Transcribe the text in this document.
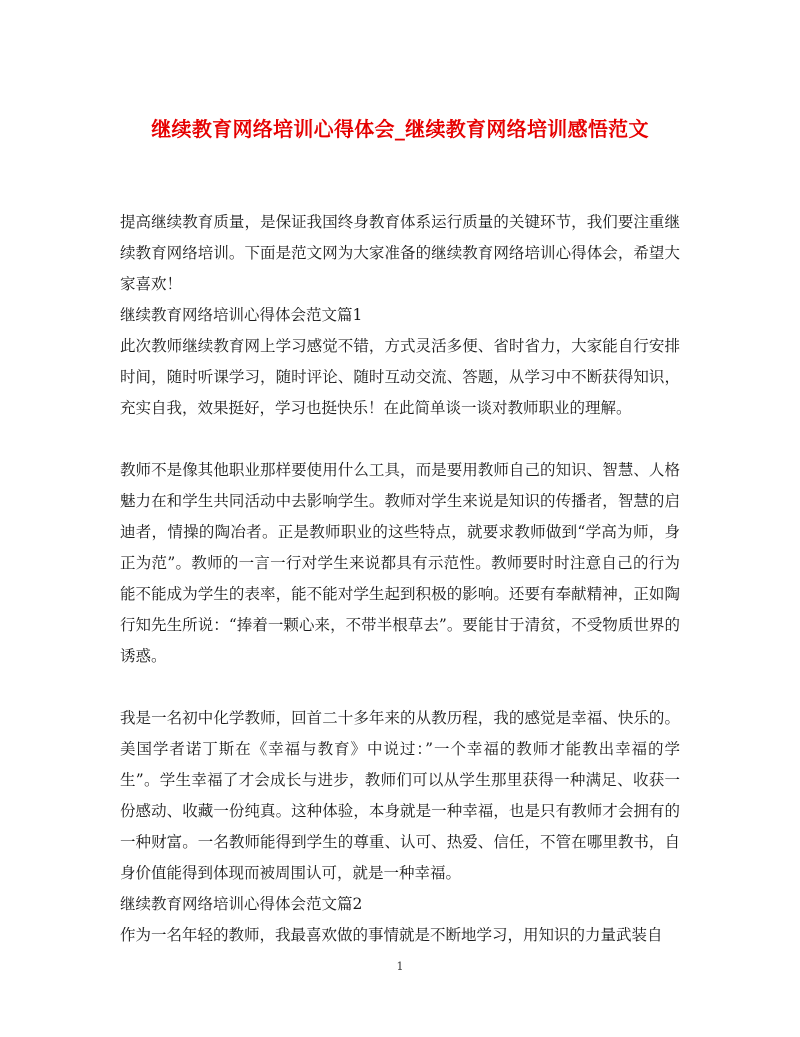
继续教育网络培训心得体会_继续教育网络培训感悟范文

提高继续教育质量，是保证我国终身教育体系运行质量的关键环节，我们要注重继续教育网络培训。下面是范文网为大家准备的继续教育网络培训心得体会，希望大家喜欢！

继续教育网络培训心得体会范文篇1

此次教师继续教育网上学习感觉不错，方式灵活多便、省时省力，大家能自行安排时间，随时听课学习，随时评论、随时互动交流、答题，从学习中不断获得知识，充实自我，效果挺好，学习也挺快乐！在此简单谈一谈对教师职业的理解。

教师不是像其他职业那样要使用什么工具，而是要用教师自己的知识、智慧、人格魅力在和学生共同活动中去影响学生。教师对学生来说是知识的传播者，智慧的启迪者，情操的陶冶者。正是教师职业的这些特点，就要求教师做到“学高为师，身正为范”。教师的一言一行对学生来说都具有示范性。教师要时时注意自己的行为能不能成为学生的表率，能不能对学生起到积极的影响。还要有奉献精神，正如陶行知先生所说：“捧着一颗心来，不带半根草去”。要能甘于清贫，不受物质世界的诱惑。

我是一名初中化学教师，回首二十多年来的从教历程，我的感觉是幸福、快乐的。美国学者诺丁斯在《幸福与教育》中说过：”一个幸福的教师才能教出幸福的学生”。学生幸福了才会成长与进步，教师们可以从学生那里获得一种满足、收获一份感动、收藏一份纯真。这种体验，本身就是一种幸福，也是只有教师才会拥有的一种财富。一名教师能得到学生的尊重、认可、热爱、信任，不管在哪里教书，自身价值能得到体现而被周围认可，就是一种幸福。

继续教育网络培训心得体会范文篇2

作为一名年轻的教师，我最喜欢做的事情就是不断地学习，用知识的力量武装自

1
